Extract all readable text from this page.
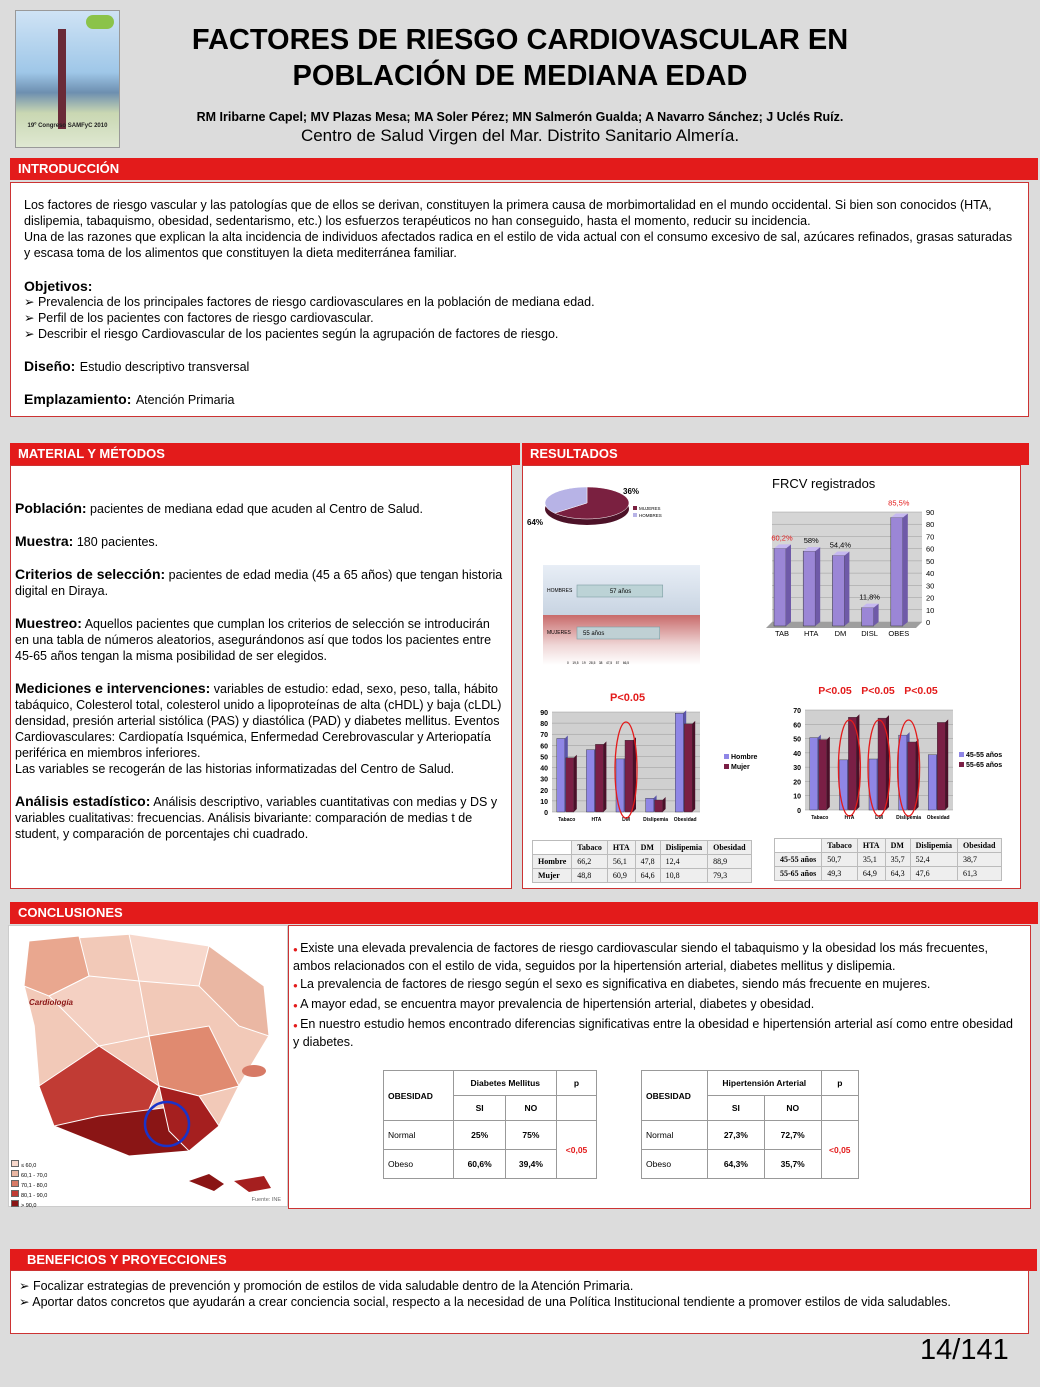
19º Congreso SAMFyC 2010
FACTORES DE RIESGO CARDIOVASCULAR EN
POBLACIÓN DE MEDIANA EDAD
RM Iribarne Capel; MV Plazas Mesa; MA Soler Pérez; MN Salmerón Gualda; A Navarro Sánchez; J Uclés Ruíz.
Centro de Salud Virgen del Mar. Distrito Sanitario Almería.
INTRODUCCIÓN

Los factores de riesgo vascular y las patologías que de ellos se derivan, constituyen la primera causa de morbimortalidad en el mundo occidental. Si bien son conocidos (HTA, dislipemia, tabaquismo, obesidad, sedentarismo, etc.) los esfuerzos terapéuticos no han conseguido, hasta el momento, reducir su incidencia.

Una de las razones que explican la alta incidencia de individuos afectados radica en el estilo de vida actual con el consumo excesivo de sal, azúcares refinados, grasas saturadas y escasa toma de los alimentos que constituyen la dieta mediterránea familiar.

Objetivos:
➢ Prevalencia de los principales factores de riesgo cardiovasculares en la población de mediana edad.
➢ Perfil de los pacientes con factores de riesgo cardiovascular.
➢ Describir el riesgo Cardiovascular de los pacientes según la agrupación de factores de riesgo.
Diseño: Estudio descriptivo transversal
Emplazamiento: Atención Primaria
MATERIAL Y MÉTODOS

Población: pacientes de mediana edad que acuden al Centro de Salud.

Muestra: 180 pacientes.

Criterios de selección: pacientes de edad media (45 a 65 años) que tengan historia digital en Diraya.

Muestreo: Aquellos pacientes que cumplan los criterios de selección se introducirán en una tabla de números aleatorios, asegurándonos así que todos los pacientes entre 45-65 años tengan la misma posibilidad de ser elegidos.

Mediciones e intervenciones: variables de estudio: edad, sexo, peso, talla, hábito tabáquico, Colesterol total, colesterol unido a lipoproteínas de alta (cHDL) y baja (cLDL) densidad, presión arterial sistólica (PAS) y diastólica (PAD) y diabetes mellitus. Eventos Cardiovasculares: Cardiopatía Isquémica, Enfermedad Cerebrovascular y Arteriopatía periférica en miembros inferiores.

Las variables se recogerán de las historias informatizadas del Centro de Salud.

Análisis estadístico: Análisis descriptivo, variables cuantitativas con medias y DS y variables cualitativas: frecuencias. Análisis bivariante: comparación de medias t de student, y comparación de porcentajes chi cuadrado.

RESULTADOS
64%
36%
MUJERES
HOMBRES
HOMBRES	57 años
MUJERES 55 años
0    19,5    19    28,5    38    47,5    57    66,5
FRCV registrados
0
10
20
30
40
50
60
70
80
90
TAB
60,2%
HTA
58%
DM
54,4%
DISL
11,8%
OBES
85,5%
P<0.05
0
10
20
30
40
50
60
70
80
90
Tabaco	HTA	DM	Dislipemia Obesidad
Hombre
Mujer
0
10
20
30
40
50
60
70
Tabaco	HTA	DM	Dislipemia Obesidad
45-55 años
55-65 años
P<0.05 P<0.05 P<0.05
	Tabaco	HTA	DM	Dislipemia	Obesidad
Hombre	66,2	56,1	47,8	12,4	88,9
Mujer	48,8	60,9	64,6	10,8	79,3
	Tabaco	HTA	DM	Dislipemia	Obesidad
45-55 años	50,7	35,1	35,7	52,4	38,7
55-65 años	49,3	64,9	64,3	47,6	61,3
CONCLUSIONES
Cardiología
≤ 60,0
60,1 - 70,0
70,1 - 80,0
80,1 - 90,0
> 90,0
Fuente: INE
● Existe una elevada prevalencia de factores de riesgo cardiovascular siendo el tabaquismo y la obesidad los más frecuentes, ambos relacionados con el estilo de vida, seguidos por la hipertensión arterial, diabetes mellitus y dislipemia.
● La prevalencia de factores de riesgo según el sexo es significativa en diabetes, siendo más frecuente en mujeres.
● A mayor edad, se encuentra mayor prevalencia de hipertensión arterial, diabetes y obesidad.
● En nuestro estudio hemos encontrado diferencias significativas entre la obesidad e hipertensión arterial así como entre obesidad y diabetes.
OBESIDAD	Diabetes Mellitus		p
	SI	NO	
Normal	25%	75%	<0,05
Obeso	60,6%	39,4%	
OBESIDAD	Hipertensión Arterial		p
	SI	NO	
Normal	27,3%	72,7%	<0,05
Obeso	64,3%	35,7%	
BENEFICIOS Y PROYECCIONES
➢ Focalizar estrategias de prevención y promoción de estilos de vida saludable dentro de la Atención Primaria.
➢ Aportar datos concretos que ayudarán a crear conciencia social, respecto a la necesidad de una Política Institucional tendiente a promover estilos de vida saludables.
14/141
